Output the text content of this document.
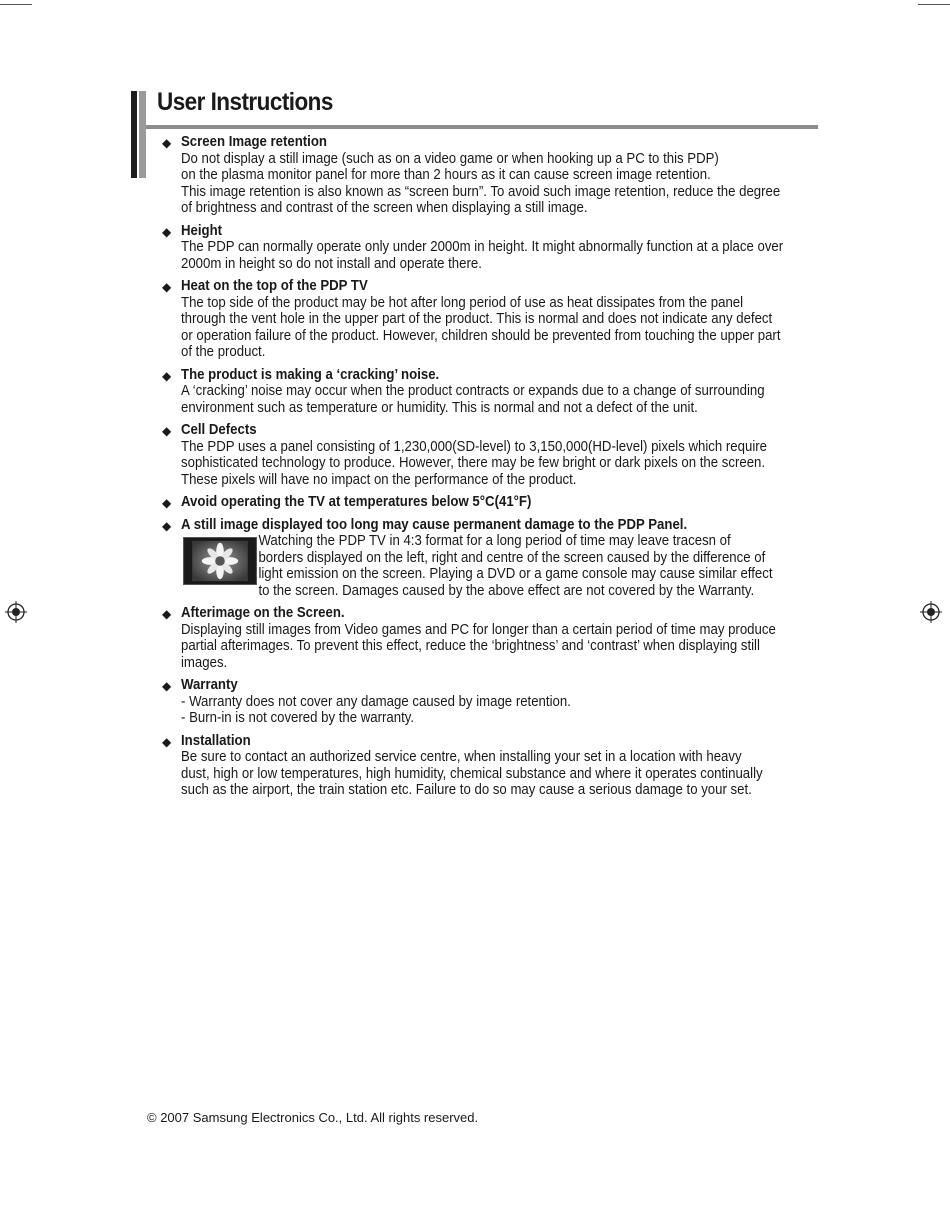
User Instructions
◆ Screen Image retention
Do not display a still image (such as on a video game or when hooking up a PC to this PDP)
on the plasma monitor panel for more than 2 hours as it can cause screen image retention.
This image retention is also known as “screen burn”. To avoid such image retention, reduce the degree
of brightness and contrast of the screen when displaying a still image.
◆ Height
The PDP can normally operate only under 2000m in height. It might abnormally function at a place over
2000m in height so do not install and operate there.
◆ Heat on the top of the PDP TV
The top side of the product may be hot after long period of use as heat dissipates from the panel
through the vent hole in the upper part of the product. This is normal and does not indicate any defect
or operation failure of the product. However, children should be prevented from touching the upper part
of the product.
◆ The product is making a ‘cracking’ noise.
A ‘cracking’ noise may occur when the product contracts or expands due to a change of surrounding
environment such as temperature or humidity. This is normal and not a defect of the unit.
◆ Cell Defects
The PDP uses a panel consisting of 1,230,000(SD-level) to 3,150,000(HD-level) pixels which require
sophisticated technology to produce. However, there may be few bright or dark pixels on the screen.
These pixels will have no impact on the performance of the product.
◆ Avoid operating the TV at temperatures below 5°C(41°F)
◆ A still image displayed too long may cause permanent damage to the PDP Panel.
Watching the PDP TV in 4:3 format for a long period of time may leave tracesn of
borders displayed on the left, right and centre of the screen caused by the difference of
light emission on the screen. Playing a DVD or a game console may cause similar effect
to the screen. Damages caused by the above effect are not covered by the Warranty.
◆ Afterimage on the Screen.
Displaying still images from Video games and PC for longer than a certain period of time may produce
partial afterimages. To prevent this effect, reduce the ‘brightness’ and ‘contrast’ when displaying still
images.
◆ Warranty
- Warranty does not cover any damage caused by image retention.
- Burn-in is not covered by the warranty.
◆ Installation
Be sure to contact an authorized service centre, when installing your set in a location with heavy
dust, high or low temperatures, high humidity, chemical substance and where it operates continually
such as the airport, the train station etc. Failure to do so may cause a serious damage to your set.
© 2007 Samsung Electronics Co., Ltd. All rights reserved.
